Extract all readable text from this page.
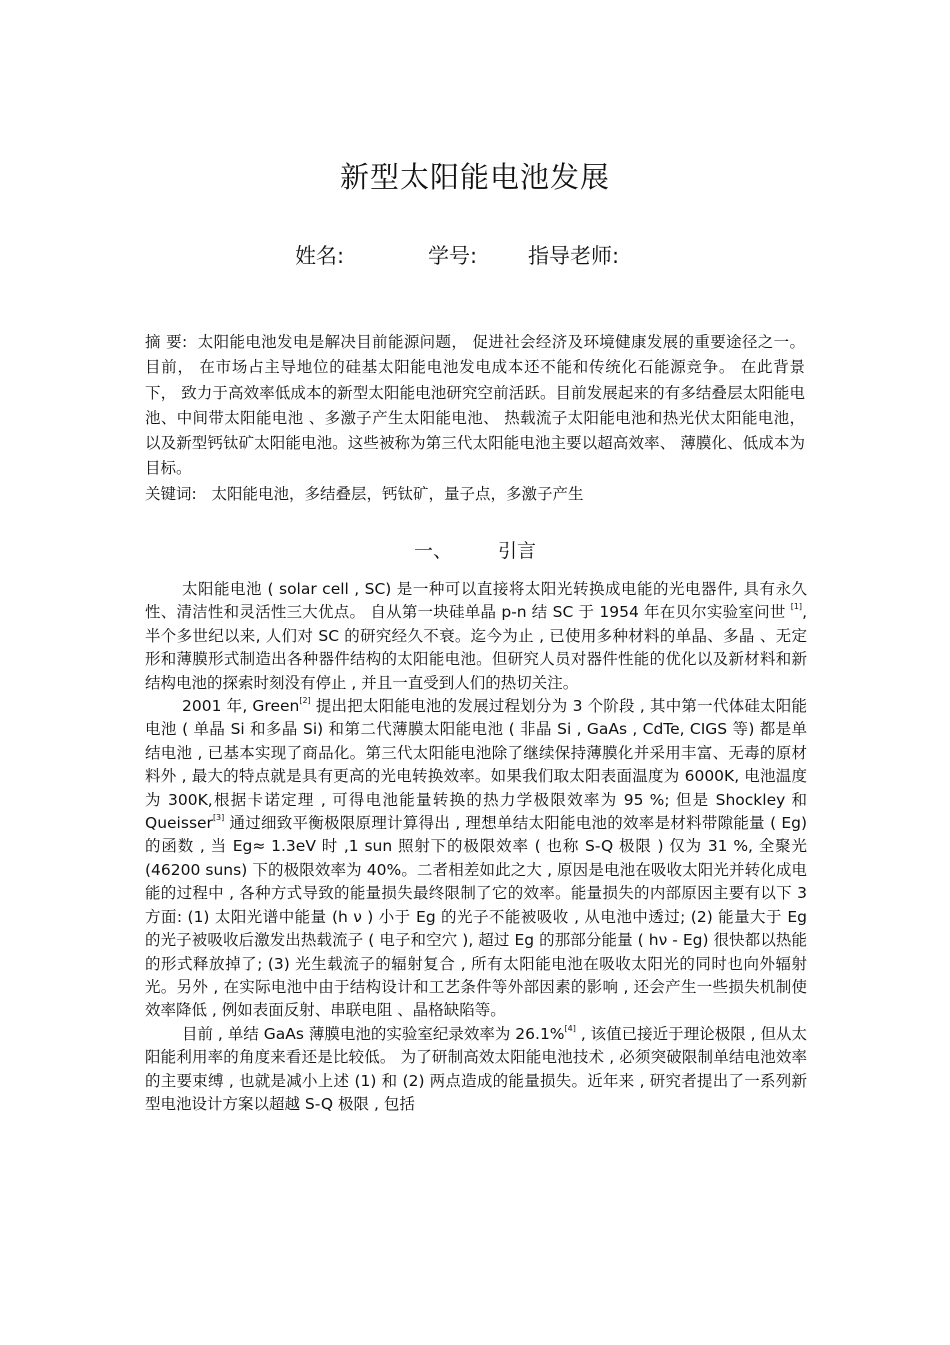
新型太阳能电池发展
姓名:	学号: 指导老师:

摘 要: 太阳能电池发电是解决目前能源问题， 促进社会经济及环境健康发展的重要途径之一。 目前， 在市场占主导地位的硅基太阳能电池发电成本还不能和传统化石能源竞争。 在此背景下， 致力于高效率低成本的新型太阳能电池研究空前活跃。目前发展起来的有多结叠层太阳能电池、中间带太阳能电池 、多激子产生太阳能电池、 热载流子太阳能电池和热光伏太阳能电池， 以及新型钙钛矿太阳能电池。这些被称为第三代太阳能电池主要以超高效率、 薄膜化、低成本为目标。

关键词: 太阳能电池，多结叠层，钙钛矿，量子点，多激子产生

一、 引言

太阳能电池 ( solar cell , SC) 是一种可以直接将太阳光转换成电能的光电器件, 具有永久性、清洁性和灵活性三大优点。 自从第一块硅单晶 p-n 结 SC 于 1954 年在贝尔实验室问世 [1], 半个多世纪以来, 人们对 SC 的研究经久不衰。迄今为止 , 已使用多种材料的单晶、多晶 、无定形和薄膜形式制造出各种器件结构的太阳能电池。但研究人员对器件性能的优化以及新材料和新结构电池的探索时刻没有停止 , 并且一直受到人们的热切关注。

2001 年, Green[2] 提出把太阳能电池的发展过程划分为 3 个阶段 , 其中第一代体硅太阳能电池 ( 单晶 Si 和多晶 Si) 和第二代薄膜太阳能电池 ( 非晶 Si , GaAs , CdTe, CIGS 等) 都是单结电池 , 已基本实现了商品化。第三代太阳能电池除了继续保持薄膜化并采用丰富、无毒的原材料外 , 最大的特点就是具有更高的光电转换效率。如果我们取太阳表面温度为 6000K, 电池温度为 300K,根据卡诺定理 , 可得电池能量转换的热力学极限效率为 95 %; 但是 Shockley 和 Queisser[3] 通过细致平衡极限原理计算得出 , 理想单结太阳能电池的效率是材料带隙能量 ( Eg) 的函数 , 当 Eg≈ 1.3eV 时 ,1 sun 照射下的极限效率 ( 也称 S-Q 极限 ) 仅为 31 %, 全聚光 (46200 suns) 下的极限效率为 40%。二者相差如此之大 , 原因是电池在吸收太阳光并转化成电能的过程中 , 各种方式导致的能量损失最终限制了它的效率。能量损失的内部原因主要有以下 3 方面: (1) 太阳光谱中能量 (h ν ) 小于 Eg 的光子不能被吸收 , 从电池中透过; (2) 能量大于 Eg 的光子被吸收后激发出热载流子 ( 电子和空穴 ), 超过 Eg 的那部分能量 ( hν - Eg) 很快都以热能的形式释放掉了; (3) 光生载流子的辐射复合 , 所有太阳能电池在吸收太阳光的同时也向外辐射光。另外 , 在实际电池中由于结构设计和工艺条件等外部因素的影响 , 还会产生一些损失机制使效率降低 , 例如表面反射、串联电阻 、晶格缺陷等。

目前 , 单结 GaAs 薄膜电池的实验室纪录效率为 26.1%[4] , 该值已接近于理论极限 , 但从太阳能利用率的角度来看还是比较低。 为了研制高效太阳能电池技术 , 必须突破限制单结电池效率的主要束缚 , 也就是减小上述 (1) 和 (2) 两点造成的能量损失。近年来 , 研究者提出了一系列新型电池设计方案以超越 S-Q 极限 , 包括
